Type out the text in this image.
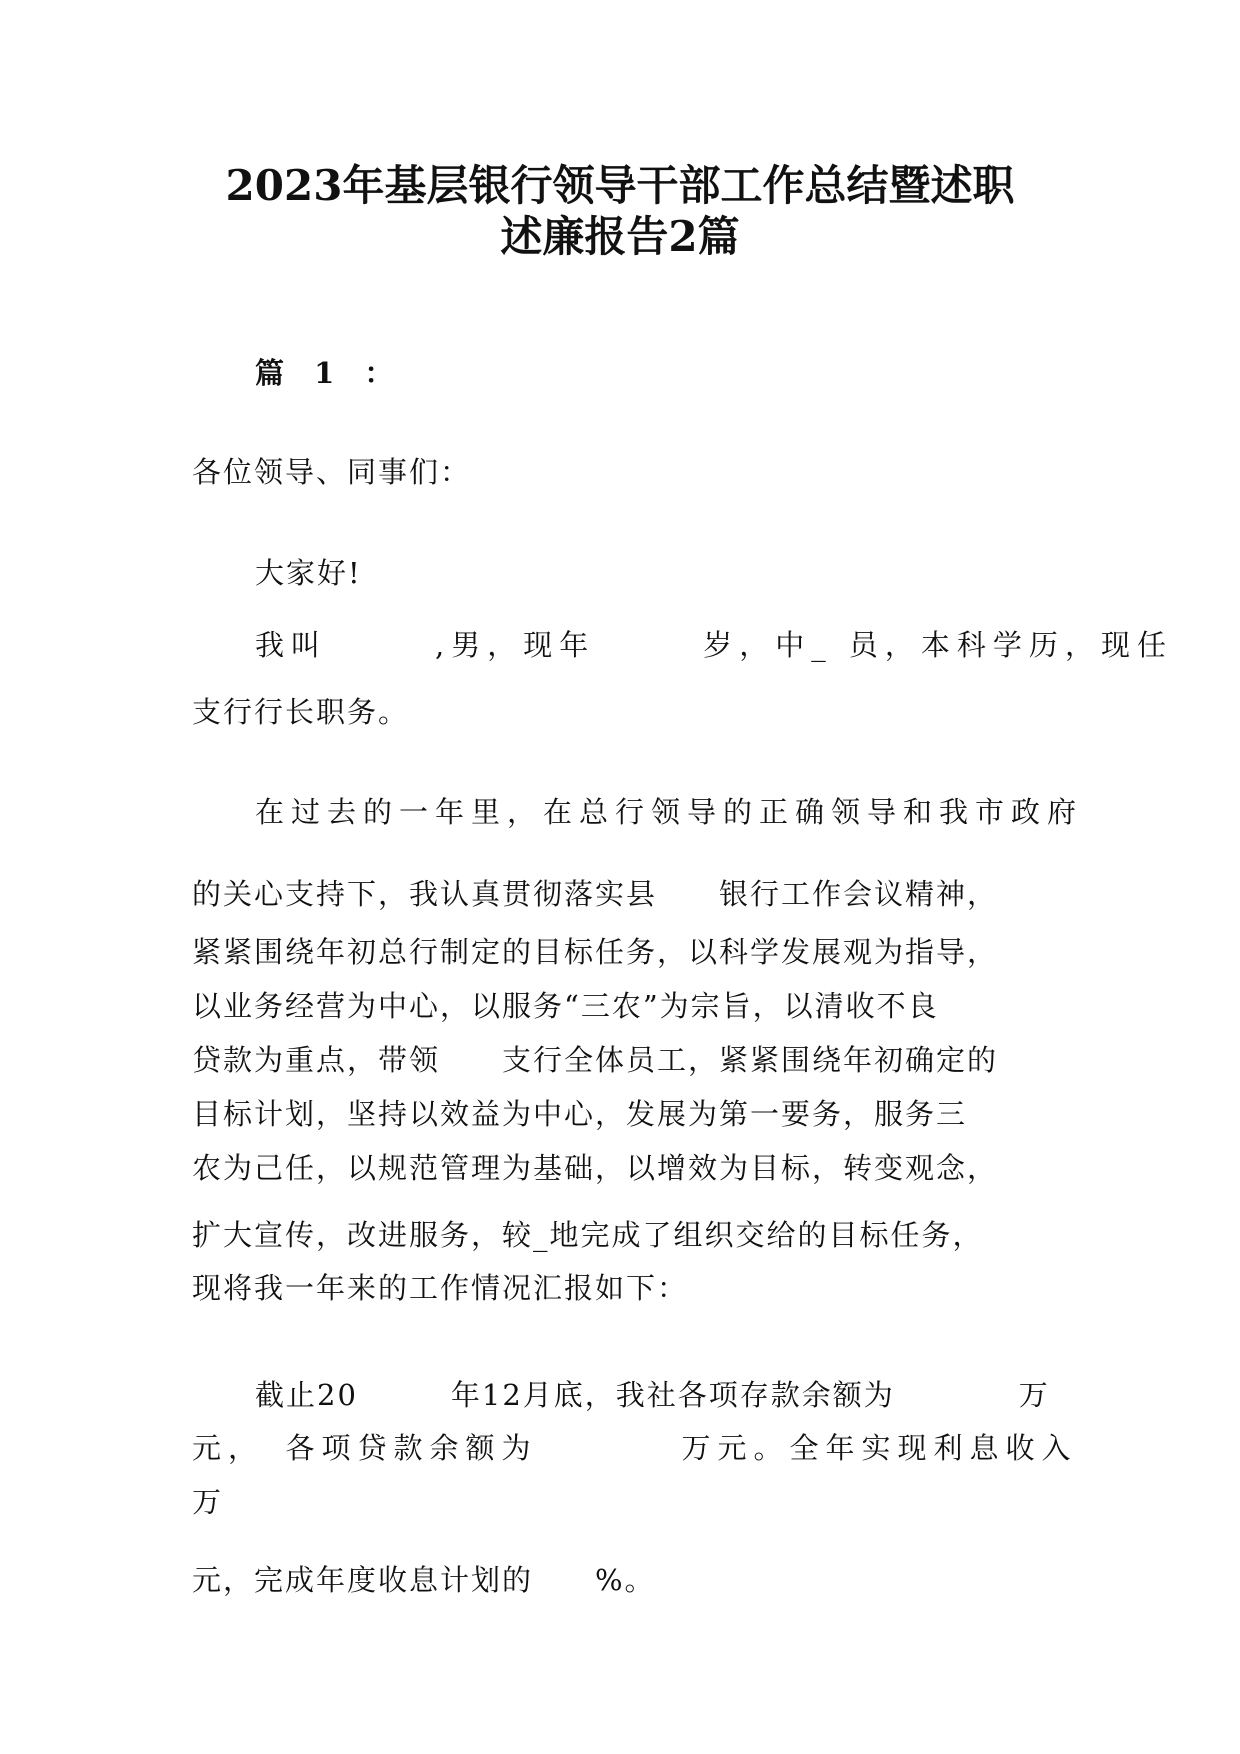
2023年基层银行领导干部工作总结暨述职
述廉报告2篇

篇 1 ：

各位领导、同事们：

大家好!

我叫　　　,男，现年　　　岁，中_ 员，本科学历，现任

支行行长职务。

在过去的一年里，在总行领导的正确领导和我市政府

的关心支持下，我认真贯彻落实县　　银行工作会议精神，

紧紧围绕年初总行制定的目标任务，以科学发展观为指导，

以业务经营为中心，以服务“三农”为宗旨，以清收不良

贷款为重点，带领　　支行全体员工，紧紧围绕年初确定的

目标计划，坚持以效益为中心，发展为第一要务，服务三

农为己任，以规范管理为基础，以增效为目标，转变观念，

扩大宣传，改进服务，较_地完成了组织交给的目标任务，

现将我一年来的工作情况汇报如下：

截止20　　　年12月底，我社各项存款余额为　　　　万

元，　各项贷款余额为　　　　万元。全年实现利息收入

万

元，完成年度收息计划的　　%。
